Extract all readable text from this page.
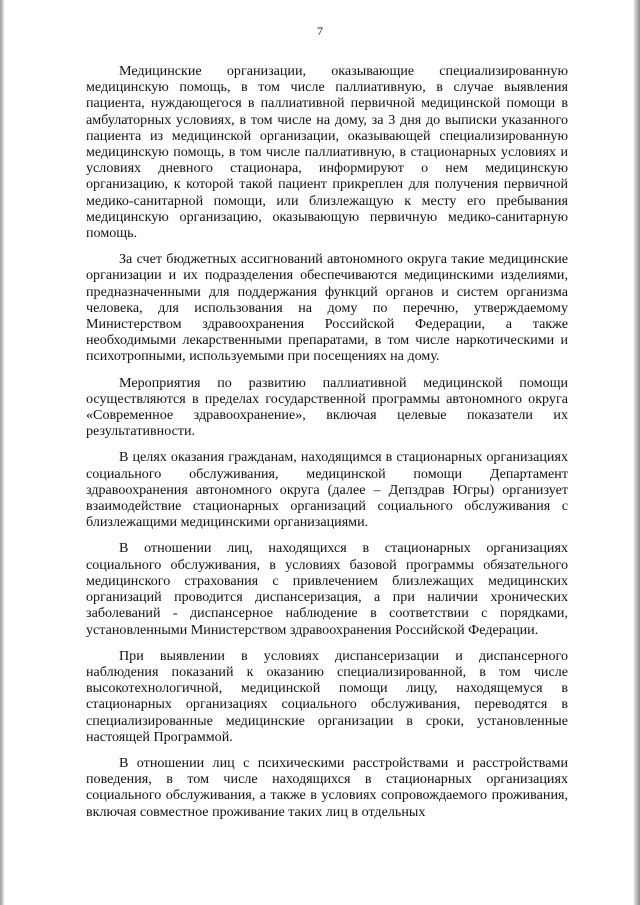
7

Медицинские организации, оказывающие специализированную медицинскую помощь, в том числе паллиативную, в случае выявления пациента, нуждающегося в паллиативной первичной медицинской помощи в амбулаторных условиях, в том числе на дому, за 3 дня до выписки указанного пациента из медицинской организации, оказывающей специализированную медицинскую помощь, в том числе паллиативную, в стационарных условиях и условиях дневного стационара, информируют о нем медицинскую организацию, к которой такой пациент прикреплен для получения первичной медико-санитарной помощи, или близлежащую к месту его пребывания медицинскую организацию, оказывающую первичную медико-санитарную помощь.

За счет бюджетных ассигнований автономного округа такие медицинские организации и их подразделения обеспечиваются медицинскими изделиями, предназначенными для поддержания функций органов и систем организма человека, для использования на дому по перечню, утверждаемому Министерством здравоохранения Российской Федерации, а также необходимыми лекарственными препаратами, в том числе наркотическими и психотропными, используемыми при посещениях на дому.

Мероприятия по развитию паллиативной медицинской помощи осуществляются в пределах государственной программы автономного округа «Современное здравоохранение», включая целевые показатели их результативности.

В целях оказания гражданам, находящимся в стационарных организациях социального обслуживания, медицинской помощи Департамент здравоохранения автономного округа (далее – Депздрав Югры) организует взаимодействие стационарных организаций социального обслуживания с близлежащими медицинскими организациями.

В отношении лиц, находящихся в стационарных организациях социального обслуживания, в условиях базовой программы обязательного медицинского страхования с привлечением близлежащих медицинских организаций проводится диспансеризация, а при наличии хронических заболеваний - диспансерное наблюдение в соответствии с порядками, установленными Министерством здравоохранения Российской Федерации.

При выявлении в условиях диспансеризации и диспансерного наблюдения показаний к оказанию специализированной, в том числе высокотехнологичной, медицинской помощи лицу, находящемуся в стационарных организациях социального обслуживания, переводятся в специализированные медицинские организации в сроки, установленные настоящей Программой.

В отношении лиц с психическими расстройствами и расстройствами поведения, в том числе находящихся в стационарных организациях социального обслуживания, а также в условиях сопровождаемого проживания, включая совместное проживание таких лиц в отдельных
